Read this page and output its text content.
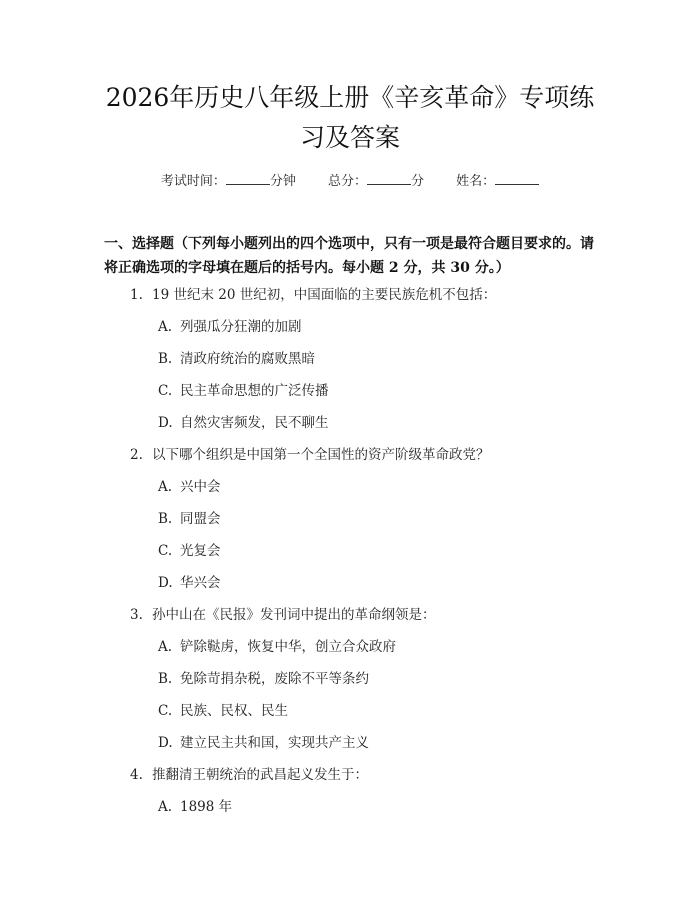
2026年历史八年级上册《辛亥革命》专项练
习及答案
考试时间：	分钟 总分：	分 姓名：
一、选择题（下列每小题列出的四个选项中，只有一项是最符合题目要求的。请将正确选项的字母填在题后的括号内。每小题 2 分，共 30 分。）
1. 19 世纪末 20 世纪初，中国面临的主要民族危机不包括：
A. 列强瓜分狂潮的加剧
B. 清政府统治的腐败黑暗
C. 民主革命思想的广泛传播
D. 自然灾害频发，民不聊生
2. 以下哪个组织是中国第一个全国性的资产阶级革命政党？
A. 兴中会
B. 同盟会
C. 光复会
D. 华兴会
3. 孙中山在《民报》发刊词中提出的革命纲领是：
A. 铲除鞑虏，恢复中华，创立合众政府
B. 免除苛捐杂税，废除不平等条约
C. 民族、民权、民生
D. 建立民主共和国，实现共产主义
4. 推翻清王朝统治的武昌起义发生于：
A. 1898 年
